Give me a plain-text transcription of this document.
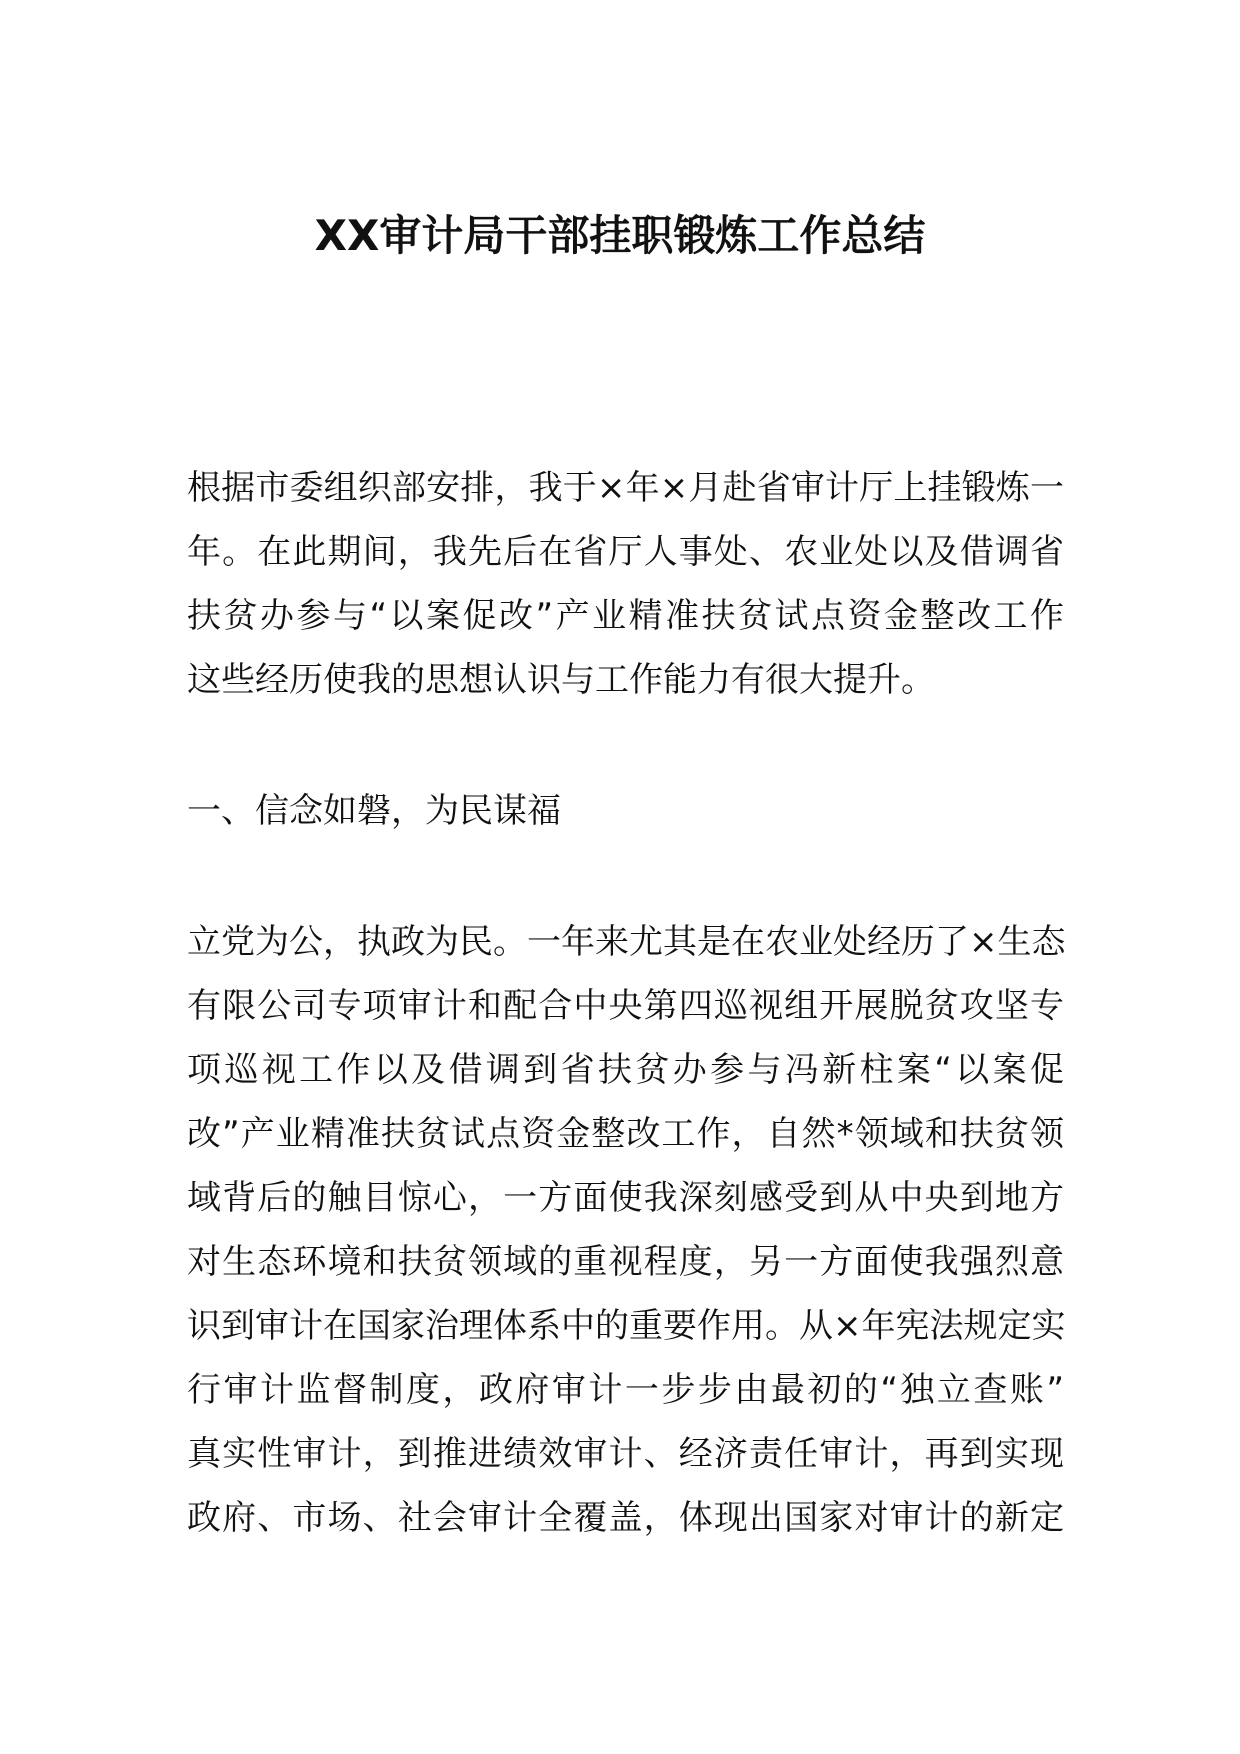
XX审计局干部挂职锻炼工作总结
根据市委组织部安排，我于×年×月赴省审计厅上挂锻炼一
年。在此期间，我先后在省厅人事处、农业处以及借调省
扶贫办参与“以案促改”产业精准扶贫试点资金整改工作
这些经历使我的思想认识与工作能力有很大提升。
一、信念如磐，为民谋福
立党为公，执政为民。一年来尤其是在农业处经历了×生态
有限公司专项审计和配合中央第四巡视组开展脱贫攻坚专
项巡视工作以及借调到省扶贫办参与冯新柱案“以案促
改”产业精准扶贫试点资金整改工作，自然*领域和扶贫领
域背后的触目惊心，一方面使我深刻感受到从中央到地方
对生态环境和扶贫领域的重视程度，另一方面使我强烈意
识到审计在国家治理体系中的重要作用。从×年宪法规定实
行审计监督制度，政府审计一步步由最初的“独立查账”
真实性审计，到推进绩效审计、经济责任审计，再到实现
政府、市场、社会审计全覆盖，体现出国家对审计的新定
